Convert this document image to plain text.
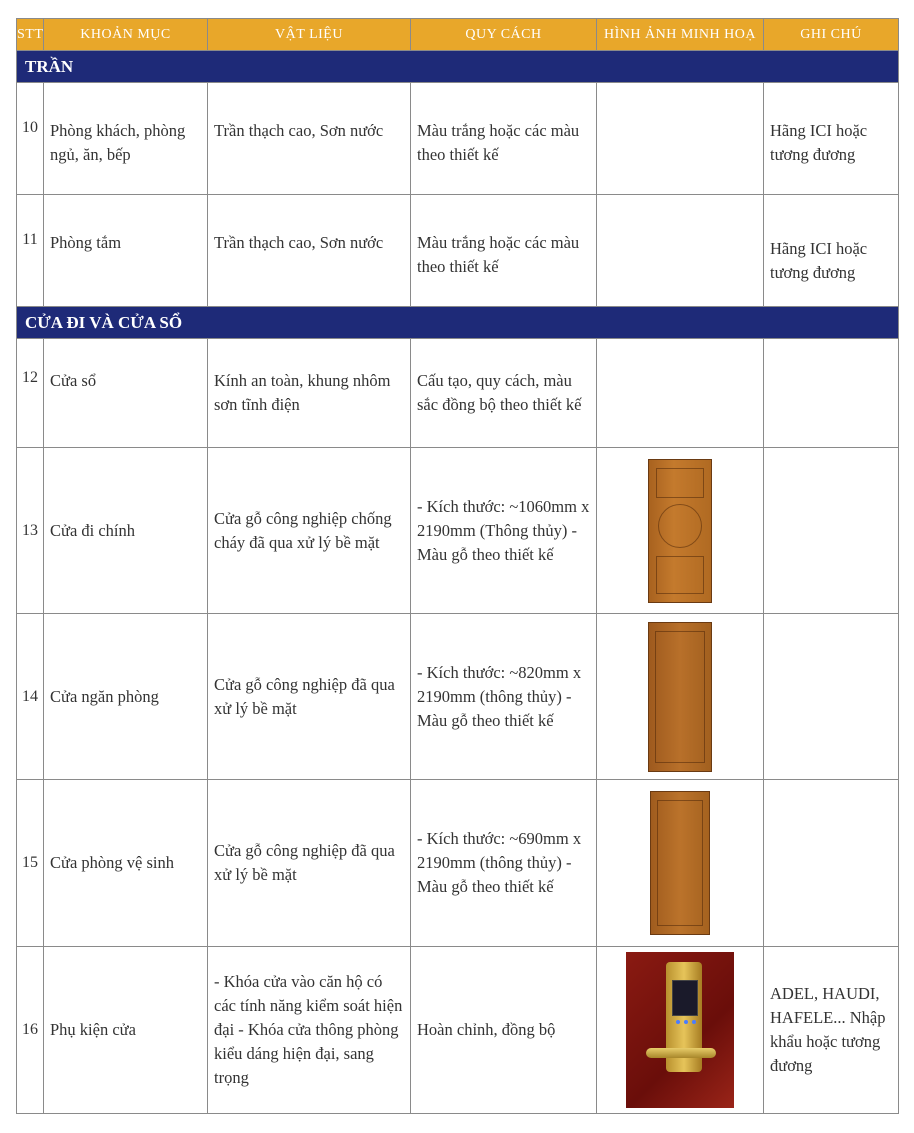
STT	KHOẢN MỤC	VẬT LIỆU	QUY CÁCH	HÌNH ẢNH MINH HOẠ	GHI CHÚ
TRẦN					
10	Phòng khách, phòng ngủ, ăn, bếp	Trần thạch cao, Sơn nước	Màu trắng hoặc các màu theo thiết kế		Hãng ICI hoặc tương đương
11	Phòng tắm	Trần thạch cao, Sơn nước	Màu trắng hoặc các màu theo thiết kế		Hãng ICI hoặc tương đương
CỬA ĐI VÀ CỬA SỔ					
12	Cửa sổ	Kính an toàn, khung nhôm sơn tĩnh điện	Cấu tạo, quy cách, màu sắc đồng bộ theo thiết kế		
13	Cửa đi chính	Cửa gỗ công nghiệp chống cháy đã qua xử lý bề mặt	- Kích thước: ~1060mm x 2190mm (Thông thủy) - Màu gỗ theo thiết kế	

14	Cửa ngăn phòng	Cửa gỗ công nghiệp đã qua xử lý bề mặt	- Kích thước: ~820mm x 2190mm (thông thủy) - Màu gỗ theo thiết kế	

15	Cửa phòng vệ sinh	Cửa gỗ công nghiệp đã qua xử lý bề mặt	- Kích thước: ~690mm x 2190mm (thông thủy) - Màu gỗ theo thiết kế	

16	Phụ kiện cửa	- Khóa cửa vào căn hộ có các tính năng kiểm soát hiện đại - Khóa cửa thông phòng kiểu dáng hiện đại, sang trọng	Hoàn chỉnh, đồng bộ		ADEL, HAUDI, HAFELE... Nhập khẩu hoặc tương đương
